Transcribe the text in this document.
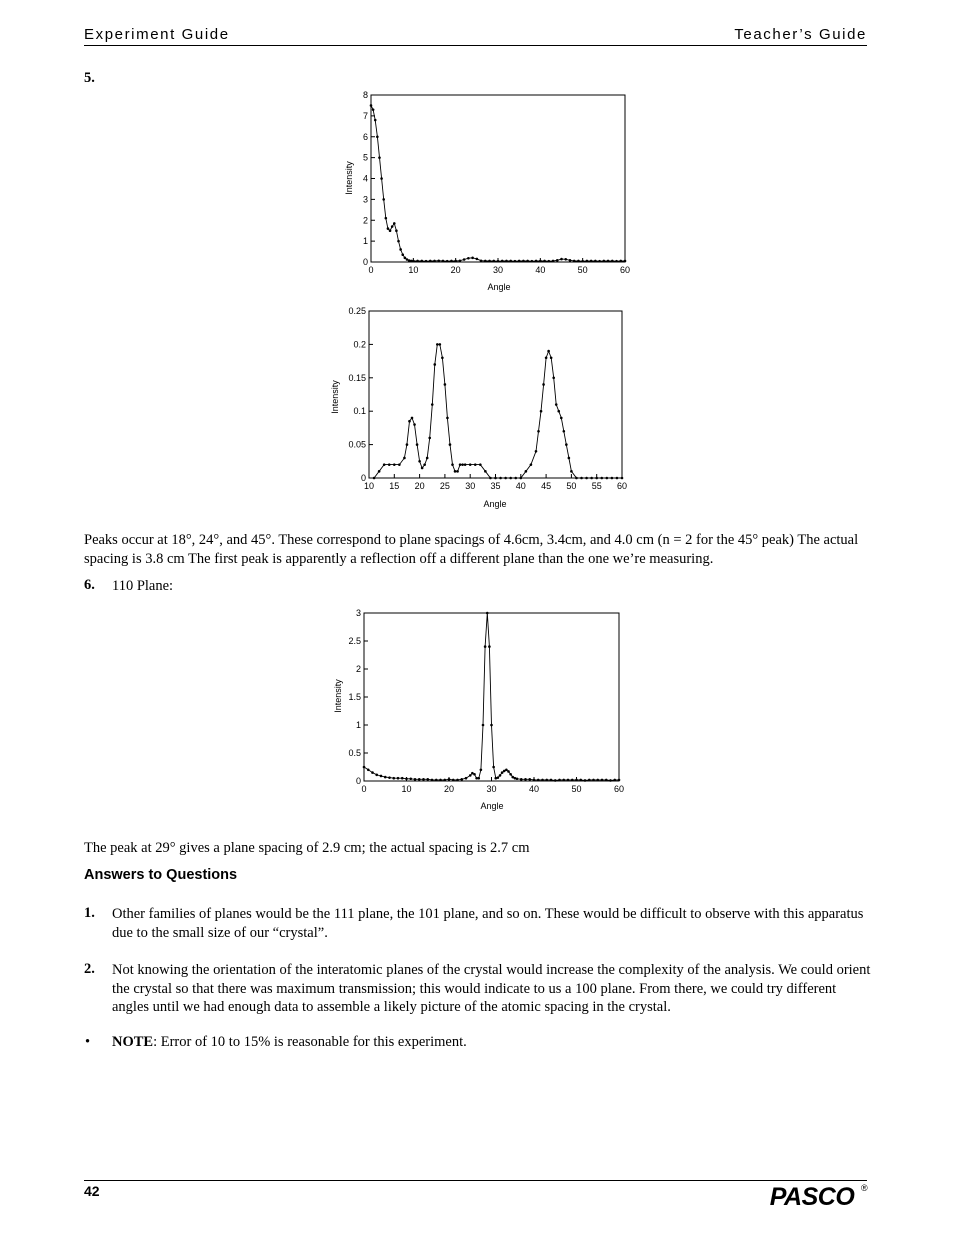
Experiment Guide	Teacher’s Guide
5.
8
7
6
5
4
3
2
1
0
0	10	20	30	40	50	60
Angle
Intensity
0.25
0.2
0.15
0.1
0.05
0
10 15 20 25 30 35 40 45 50 55 60
Angle
Intensity
Peaks occur at 18°, 24°, and 45°. These correspond to plane spacings of 4.6cm, 3.4cm, and 4.0 cm (n = 2 for the 45° peak) The actual spacing is 3.8 cm The first peak is apparently a reflection off a different plane than the one we’re measuring.
6. 110 Plane:
3
2.5
2
1.5
1
0.5
0
0	10	20	30	40	50	60
Angle
Intensity
The peak at 29° gives a plane spacing of 2.9 cm; the actual spacing is 2.7 cm
Answers to Questions
1. Other families of planes would be the 111 plane, the 101 plane, and so on. These would be difficult to observe with this apparatus due to the small size of our “crystal”.
2. Not knowing the orientation of the interatomic planes of the crystal would increase the complexity of the analysis. We could orient the crystal so that there was maximum transmission; this would indicate to us a 100 plane. From there, we could try different angles until we had enough data to assemble a likely picture of the atomic spacing in the crystal.
• NOTE: Error of 10 to 15% is reasonable for this experiment.
42	PASCO ®
